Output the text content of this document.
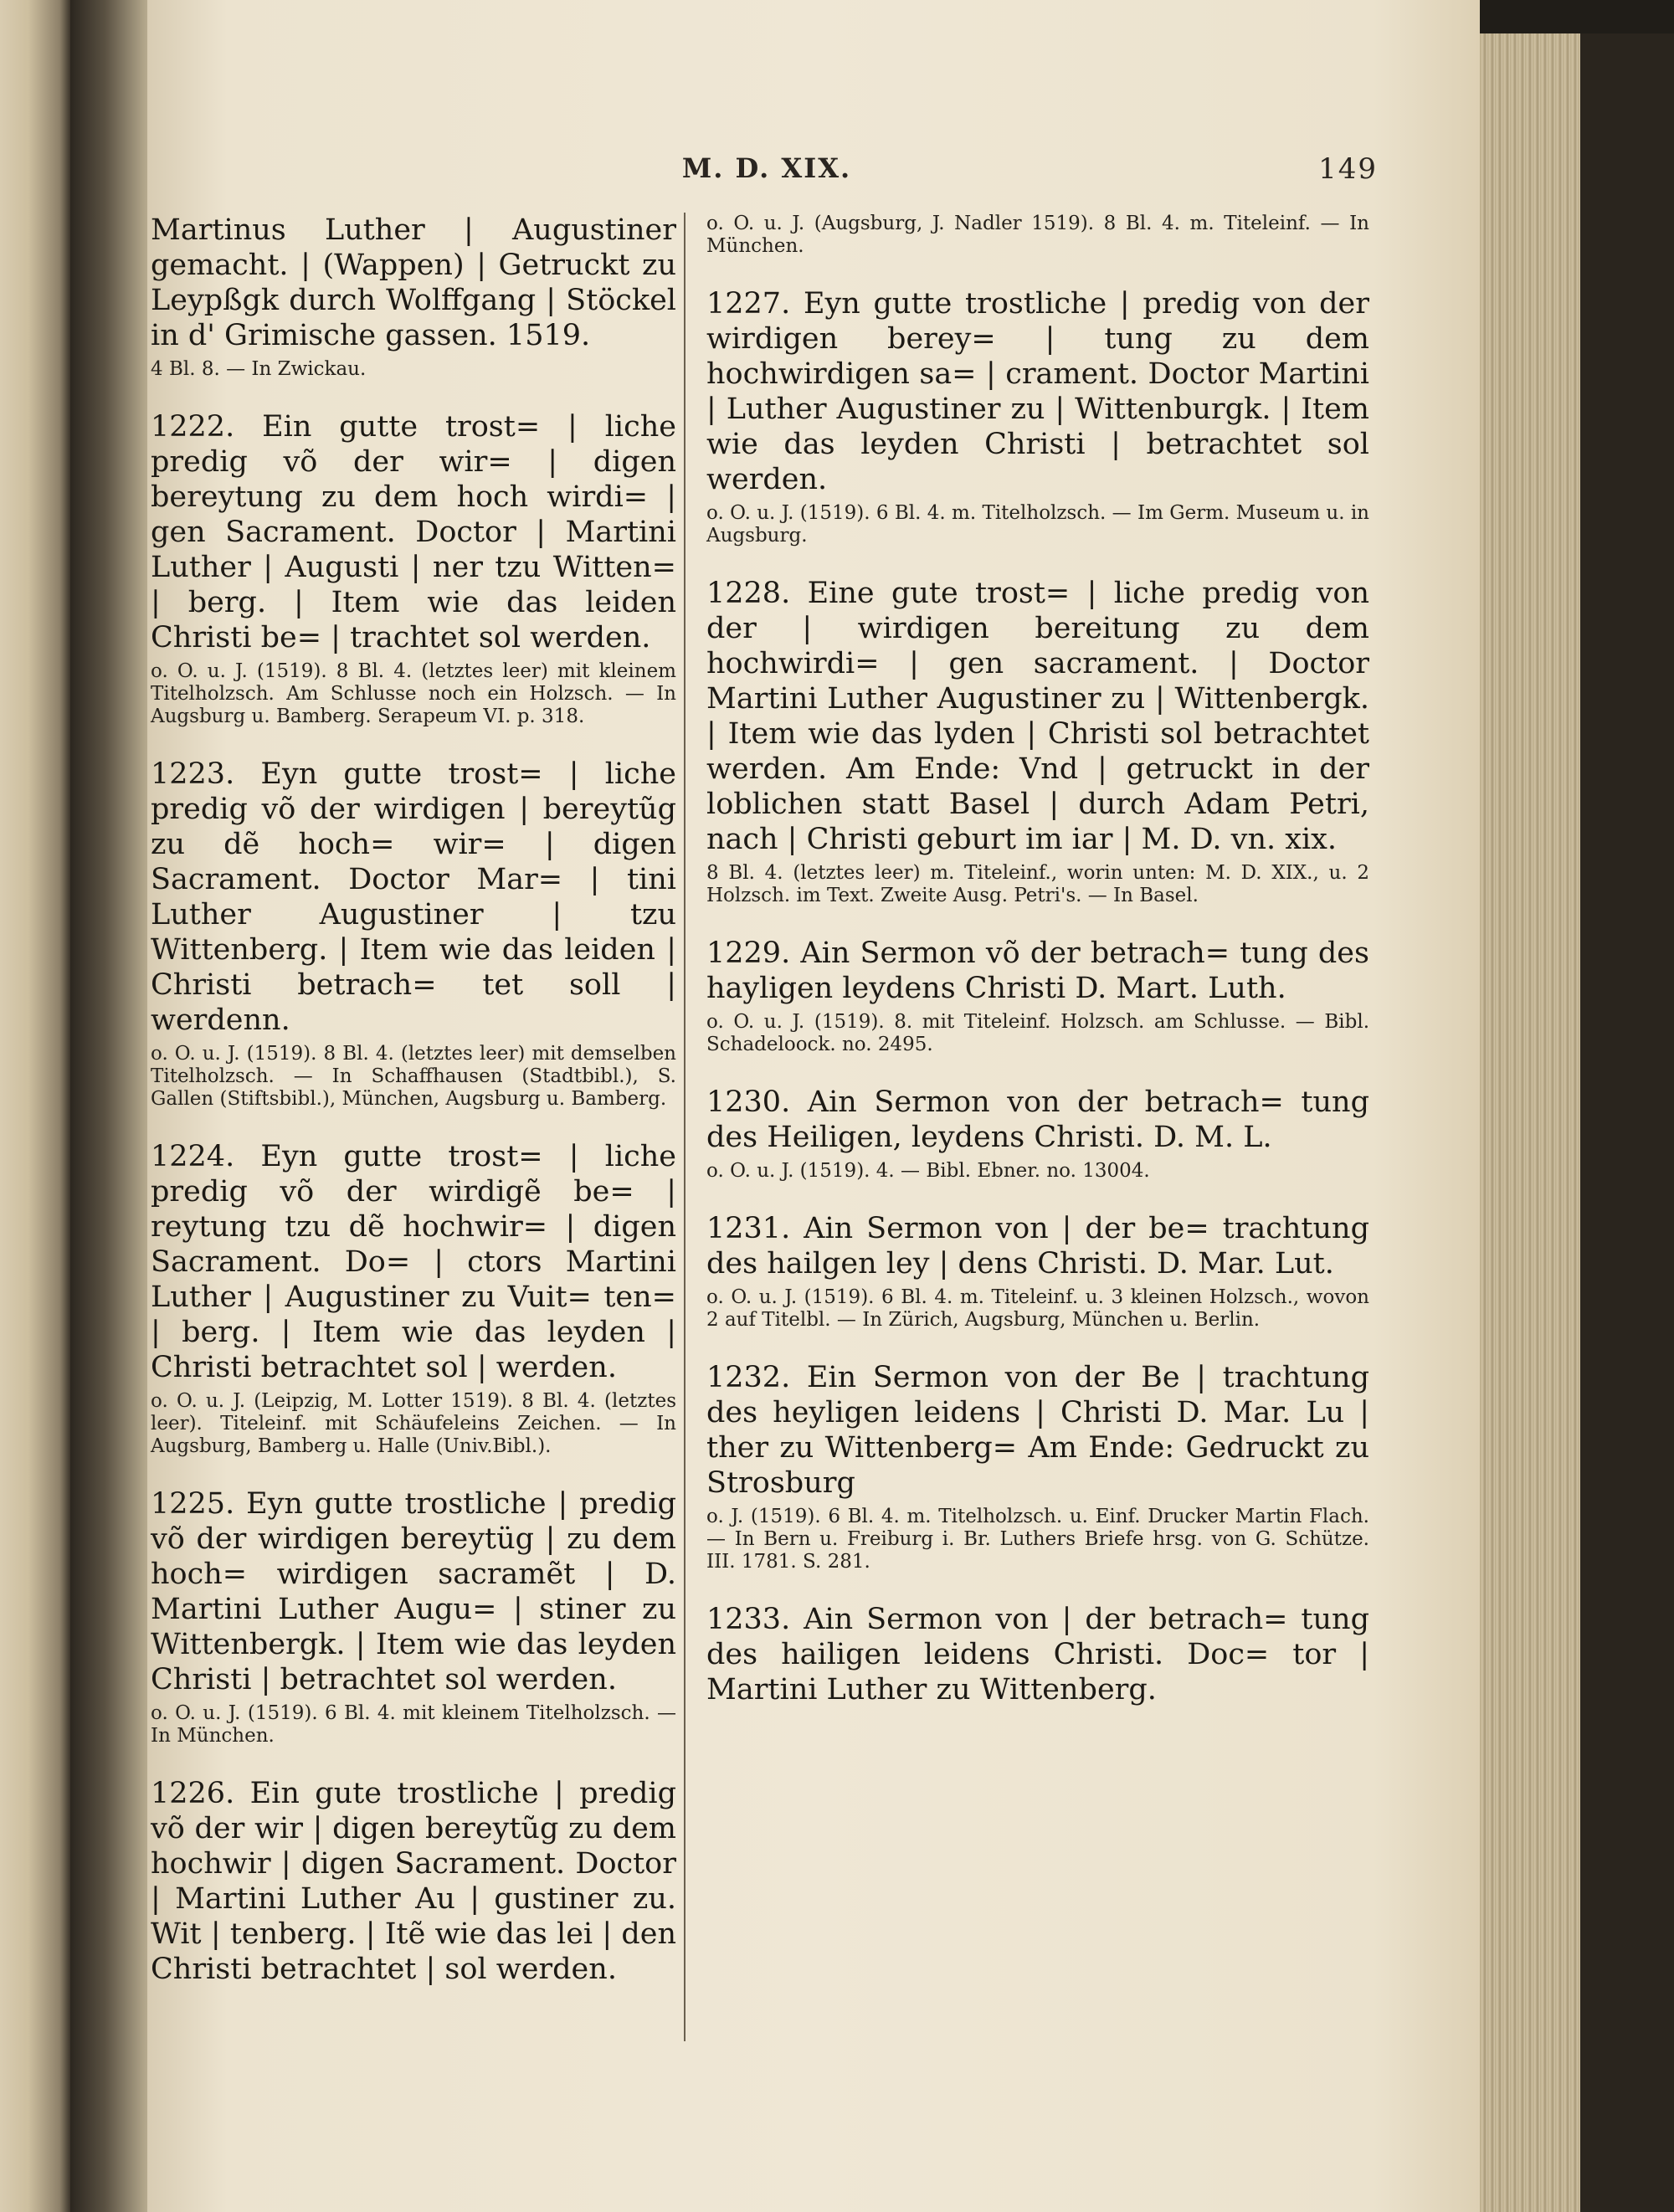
M. D. XIX.	149
Martinus Luther | Augustiner gemacht. | (Wappen) | Getruckt zu Leypßgk durch Wolffgang | Stöckel in d' Grimische gassen. 1519.
4 Bl. 8. — In Zwickau.
1222. Ein gutte trost= | liche predig võ der wir= | digen bereytung zu dem hoch wirdi= | gen Sacrament. Doctor | Martini Luther | Augusti | ner tzu Witten= | berg. | Item wie das leiden Christi be= | trachtet sol werden.
o. O. u. J. (1519). 8 Bl. 4. (letztes leer) mit kleinem Titelholzsch. Am Schlusse noch ein Holzsch. — In Augsburg u. Bamberg. Serapeum VI. p. 318.
1223. Eyn gutte trost= | liche predig võ der wirdigen | bereytũg zu dẽ hoch= wir= | digen Sacrament. Doctor Mar= | tini Luther Augustiner | tzu Wittenberg. | Item wie das leiden | Christi betrach= tet soll | werdenn.
o. O. u. J. (1519). 8 Bl. 4. (letztes leer) mit demselben Titelholzsch. — In Schaffhausen (Stadtbibl.), S. Gallen (Stiftsbibl.), München, Augsburg u. Bamberg.
1224. Eyn gutte trost= | liche predig võ der wirdigẽ be= | reytung tzu dẽ hochwir= | digen Sacrament. Do= | ctors Martini Luther | Augustiner zu Vuit= ten= | berg. | Item wie das leyden | Christi betrachtet sol | werden.
o. O. u. J. (Leipzig, M. Lotter 1519). 8 Bl. 4. (letztes leer). Titeleinf. mit Schäufeleins Zeichen. — In Augsburg, Bamberg u. Halle (Univ.Bibl.).
1225. Eyn gutte trostliche | predig võ der wirdigen bereytüg | zu dem hoch= wirdigen sacramẽt | D. Martini Luther Augu= | stiner zu Wittenbergk. | Item wie das leyden Christi | betrachtet sol werden.
o. O. u. J. (1519). 6 Bl. 4. mit kleinem Titelholzsch. — In München.
1226. Ein gute trostliche | predig võ der wir | digen bereytũg zu dem hochwir | digen Sacrament. Doctor | Martini Luther Au | gustiner zu. Wit | tenberg. | Itẽ wie das lei | den Christi betrachtet | sol werden.
o. O. u. J. (Augsburg, J. Nadler 1519). 8 Bl. 4. m. Titeleinf. — In München.
1227. Eyn gutte trostliche | predig von der wirdigen berey= | tung zu dem hochwirdigen sa= | crament. Doctor Martini | Luther Augustiner zu | Wittenburgk. | Item wie das leyden Christi | betrachtet sol werden.
o. O. u. J. (1519). 6 Bl. 4. m. Titelholzsch. — Im Germ. Museum u. in Augsburg.
1228. Eine gute trost= | liche predig von der | wirdigen bereitung zu dem hochwirdi= | gen sacrament. | Doctor Martini Luther Augustiner zu | Wittenbergk. | Item wie das lyden | Christi sol betrachtet werden. Am Ende: Vnd | getruckt in der loblichen statt Basel | durch Adam Petri, nach | Christi geburt im iar | M. D. vn. xix.
8 Bl. 4. (letztes leer) m. Titeleinf., worin unten: M. D. XIX., u. 2 Holzsch. im Text. Zweite Ausg. Petri's. — In Basel.
1229. Ain Sermon võ der betrach= tung des hayligen leydens Christi D. Mart. Luth.
o. O. u. J. (1519). 8. mit Titeleinf. Holzsch. am Schlusse. — Bibl. Schadeloock. no. 2495.
1230. Ain Sermon von der betrach= tung des Heiligen, leydens Christi. D. M. L.
o. O. u. J. (1519). 4. — Bibl. Ebner. no. 13004.
1231. Ain Sermon von | der be= trachtung des hailgen ley | dens Christi. D. Mar. Lut.
o. O. u. J. (1519). 6 Bl. 4. m. Titeleinf. u. 3 kleinen Holzsch., wovon 2 auf Titelbl. — In Zürich, Augsburg, München u. Berlin.
1232. Ein Sermon von der Be | trachtung des heyligen leidens | Christi D. Mar. Lu | ther zu Wittenberg= Am Ende: Gedruckt zu Strosburg
o. J. (1519). 6 Bl. 4. m. Titelholzsch. u. Einf. Drucker Martin Flach. — In Bern u. Freiburg i. Br. Luthers Briefe hrsg. von G. Schütze. III. 1781. S. 281.
1233. Ain Sermon von | der betrach= tung des hailigen leidens Christi. Doc= tor | Martini Luther zu Wittenberg.
